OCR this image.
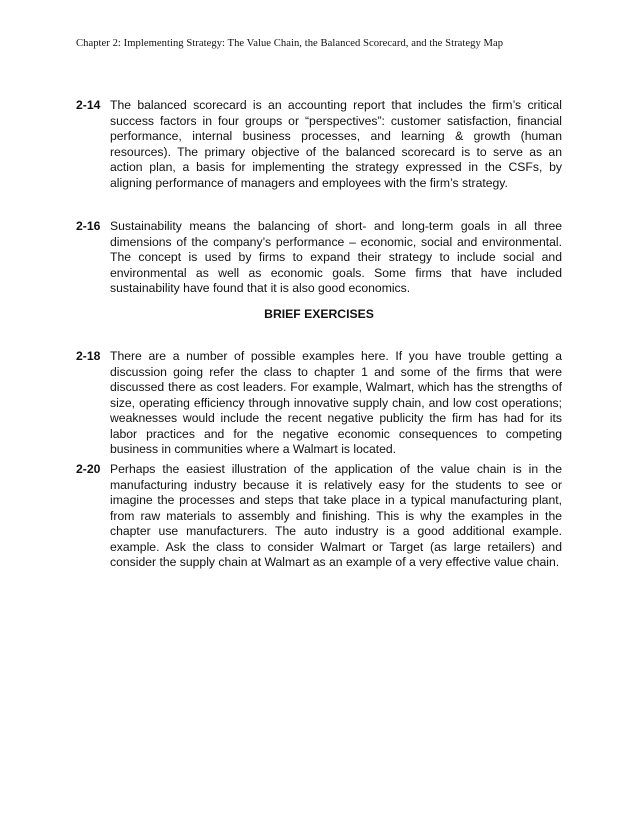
Chapter 2: Implementing Strategy: The Value Chain, the Balanced Scorecard, and the Strategy Map
2-14 The balanced scorecard is an accounting report that includes the firm’s critical success factors in four groups or “perspectives”: customer satisfaction, financial performance, internal business processes, and learning & growth (human resources). The primary objective of the balanced scorecard is to serve as an action plan, a basis for implementing the strategy expressed in the CSFs, by aligning performance of managers and employees with the firm’s strategy.
2-16 Sustainability means the balancing of short- and long-term goals in all three dimensions of the company’s performance – economic, social and environmental. The concept is used by firms to expand their strategy to include social and environmental as well as economic goals. Some firms that have included sustainability have found that it is also good economics.
BRIEF EXERCISES
2-18 There are a number of possible examples here. If you have trouble getting a discussion going refer the class to chapter 1 and some of the firms that were discussed there as cost leaders. For example, Walmart, which has the strengths of size, operating efficiency through innovative supply chain, and low cost operations; weaknesses would include the recent negative publicity the firm has had for its labor practices and for the negative economic consequences to competing business in communities where a Walmart is located.
2-20 Perhaps the easiest illustration of the application of the value chain is in the manufacturing industry because it is relatively easy for the students to see or imagine the processes and steps that take place in a typical manufacturing plant, from raw materials to assembly and finishing. This is why the examples in the chapter use manufacturers. The auto industry is a good additional example. example. Ask the class to consider Walmart or Target (as large retailers) and consider the supply chain at Walmart as an example of a very effective value chain.
